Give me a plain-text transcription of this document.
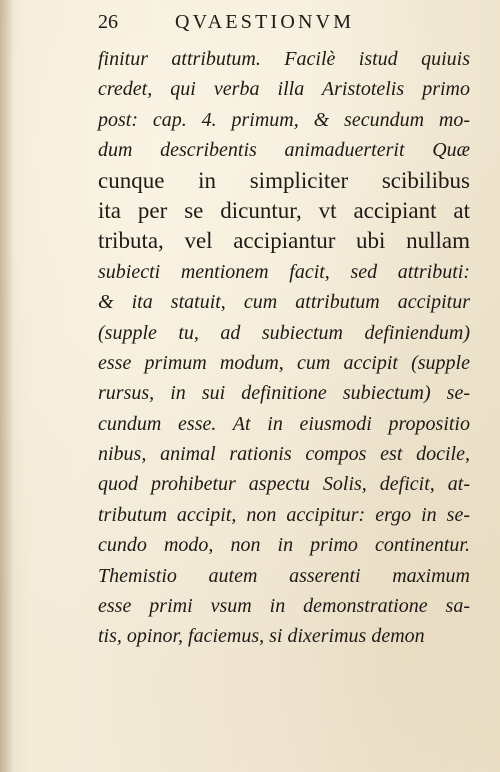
26	QVAESTIONVM
finitur attributum. Facilè istud quiuis
credet, qui verba illa Aristotelis primo
post: cap. 4. primum, & secundum mo-
dum describentis animaduerterit Quæ
cunque in simpliciter scibilibus
ita per se dicuntur, vt accipiant at
tributa, vel accipiantur ubi nullam
subiecti mentionem facit, sed attributi:
& ita statuit, cum attributum accipitur
(supple tu, ad subiectum definiendum)
esse primum modum, cum accipit (supple
rursus, in sui definitione subiectum) se-
cundum esse. At in eiusmodi propositio
nibus, animal rationis compos est docile,
quod prohibetur aspectu Solis, deficit, at-
tributum accipit, non accipitur: ergo in se-
cundo modo, non in primo continentur.
Themistio autem asserenti maximum
esse primi vsum in demonstratione sa-
tis, opinor, faciemus, si dixerimus demon
